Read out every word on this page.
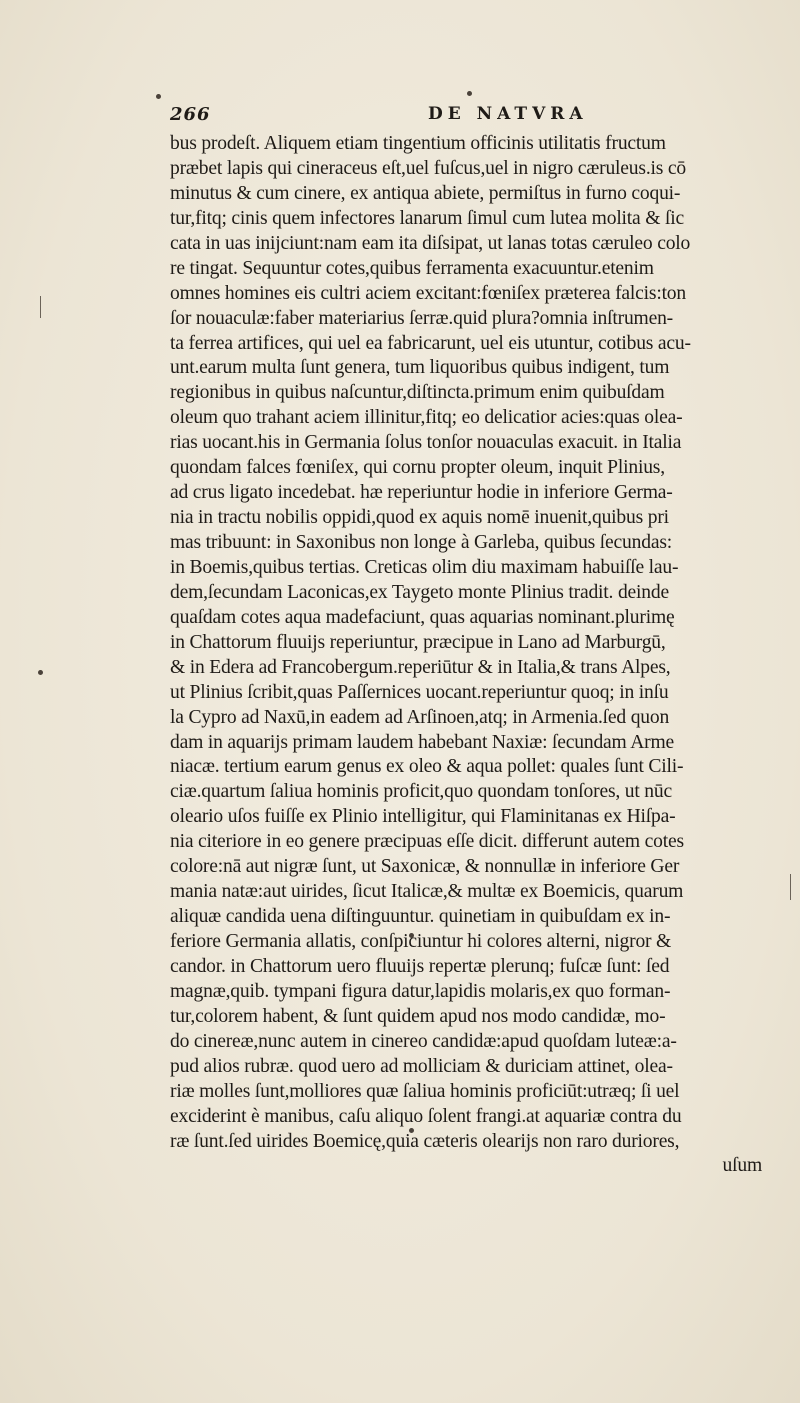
266	DE NATVRA
bus prodeſt. Aliquem etiam tingentium officinis utilitatis fructum
præbet lapis qui cineraceus eſt,uel fuſcus,uel in nigro cæruleus.is cō
minutus & cum cinere, ex antiqua abiete, permiſtus in furno coqui-
tur,fitq; cinis quem infectores lanarum ſimul cum lutea molita & ſic
cata in uas inijciunt:nam eam ita diſsipat, ut lanas totas cæruleo colo
re tingat. Sequuntur cotes,quibus ferramenta exacuuntur.etenim
omnes homines eis cultri aciem excitant:fœniſex præterea falcis:ton
ſor nouaculæ:faber materiarius ſerræ.quid plura?omnia inſtrumen-
ta ferrea artifices, qui uel ea fabricarunt, uel eis utuntur, cotibus acu-
unt.earum multa ſunt genera, tum liquoribus quibus indigent, tum
regionibus in quibus naſcuntur,diſtincta.primum enim quibuſdam
oleum quo trahant aciem illinitur,fitq; eo delicatior acies:quas olea-
rias uocant.his in Germania ſolus tonſor nouaculas exacuit. in Italia
quondam falces fœniſex, qui cornu propter oleum, inquit Plinius,
ad crus ligato incedebat. hæ reperiuntur hodie in inferiore Germa-
nia in tractu nobilis oppidi,quod ex aquis nomē inuenit,quibus pri
mas tribuunt: in Saxonibus non longe à Garleba, quibus ſecundas:
in Boemis,quibus tertias. Creticas olim diu maximam habuiſſe lau-
dem,ſecundam Laconicas,ex Taygeto monte Plinius tradit. deinde
quaſdam cotes aqua madefaciunt, quas aquarias nominant.plurimę
in Chattorum fluuijs reperiuntur, præcipue in Lano ad Marburgū,
& in Edera ad Francobergum.reperiūtur & in Italia,& trans Alpes,
ut Plinius ſcribit,quas Paſſernices uocant.reperiuntur quoq; in inſu
la Cypro ad Naxū,in eadem ad Arſinoen,atq; in Armenia.ſed quon
dam in aquarijs primam laudem habebant Naxiæ: ſecundam Arme
niacæ. tertium earum genus ex oleo & aqua pollet: quales ſunt Cili-
ciæ.quartum ſaliua hominis proficit,quo quondam tonſores, ut nūc
oleario uſos fuiſſe ex Plinio intelligitur, qui Flaminitanas ex Hiſpa-
nia citeriore in eo genere præcipuas eſſe dicit. differunt autem cotes
colore:nā aut nigræ ſunt, ut Saxonicæ, & nonnullæ in inferiore Ger
mania natæ:aut uirides, ſicut Italicæ,& multæ ex Boemicis, quarum
aliquæ candida uena diſtinguuntur. quinetiam in quibuſdam ex in-
feriore Germania allatis, conſpiciuntur hi colores alterni, nigror &
candor. in Chattorum uero fluuijs repertæ plerunq; fuſcæ ſunt: ſed
magnæ,quib. tympani figura datur,lapidis molaris,ex quo forman-
tur,colorem habent, & ſunt quidem apud nos modo candidæ, mo-
do cinereæ,nunc autem in cinereo candidæ:apud quoſdam luteæ:a-
pud alios rubræ. quod uero ad molliciam & duriciam attinet, olea-
riæ molles ſunt,molliores quæ ſaliua hominis proficiūt:utræq; ſi uel
exciderint è manibus, caſu aliquo ſolent frangi.at aquariæ contra du
ræ ſunt.ſed uirides Boemicę,quia cæteris olearijs non raro duriores,
uſum
